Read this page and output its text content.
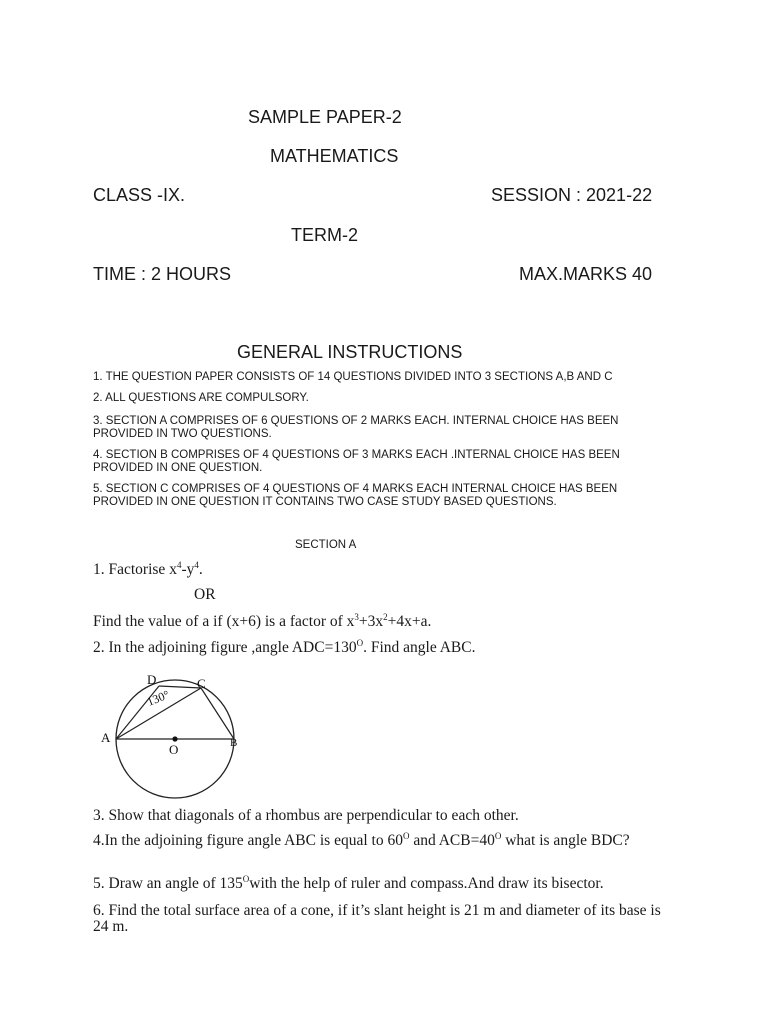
SAMPLE PAPER-2
MATHEMATICS
CLASS -IX.	SESSION : 2021-22
TERM-2
TIME : 2 HOURS	MAX.MARKS 40
GENERAL INSTRUCTIONS
1. THE QUESTION PAPER CONSISTS OF 14 QUESTIONS DIVIDED INTO 3 SECTIONS A,B AND C
2. ALL QUESTIONS ARE COMPULSORY.
3. SECTION A COMPRISES OF 6 QUESTIONS OF 2 MARKS EACH. INTERNAL CHOICE HAS BEEN PROVIDED IN TWO QUESTIONS.
4. SECTION B COMPRISES OF 4 QUESTIONS OF 3 MARKS EACH .INTERNAL CHOICE HAS BEEN PROVIDED IN ONE QUESTION.
5. SECTION C COMPRISES OF 4 QUESTIONS OF 4 MARKS EACH INTERNAL CHOICE HAS BEEN PROVIDED IN ONE QUESTION IT CONTAINS TWO CASE STUDY BASED QUESTIONS.
SECTION A
1. Factorise $x^4-y^4$.
OR
Find the value of a if (x+6) is a factor of $x^3+3x^2+4x+a$.
2. In the adjoining figure ,angle $ADC=130^O$. Find angle ABC.
D	C
A	B
O
130°
3. Show that diagonals of a rhombus are perpendicular to each other.
4.In the adjoining figure angle ABC is equal to $60^O$ and $ACB=40^O$ what is angle BDC?
5. Draw an angle of $135^Owith$ the help of ruler and compass.And draw its bisector.
6. Find the total surface area of a cone, if it’s slant height is 21 m and diameter of its base is
24 m.
